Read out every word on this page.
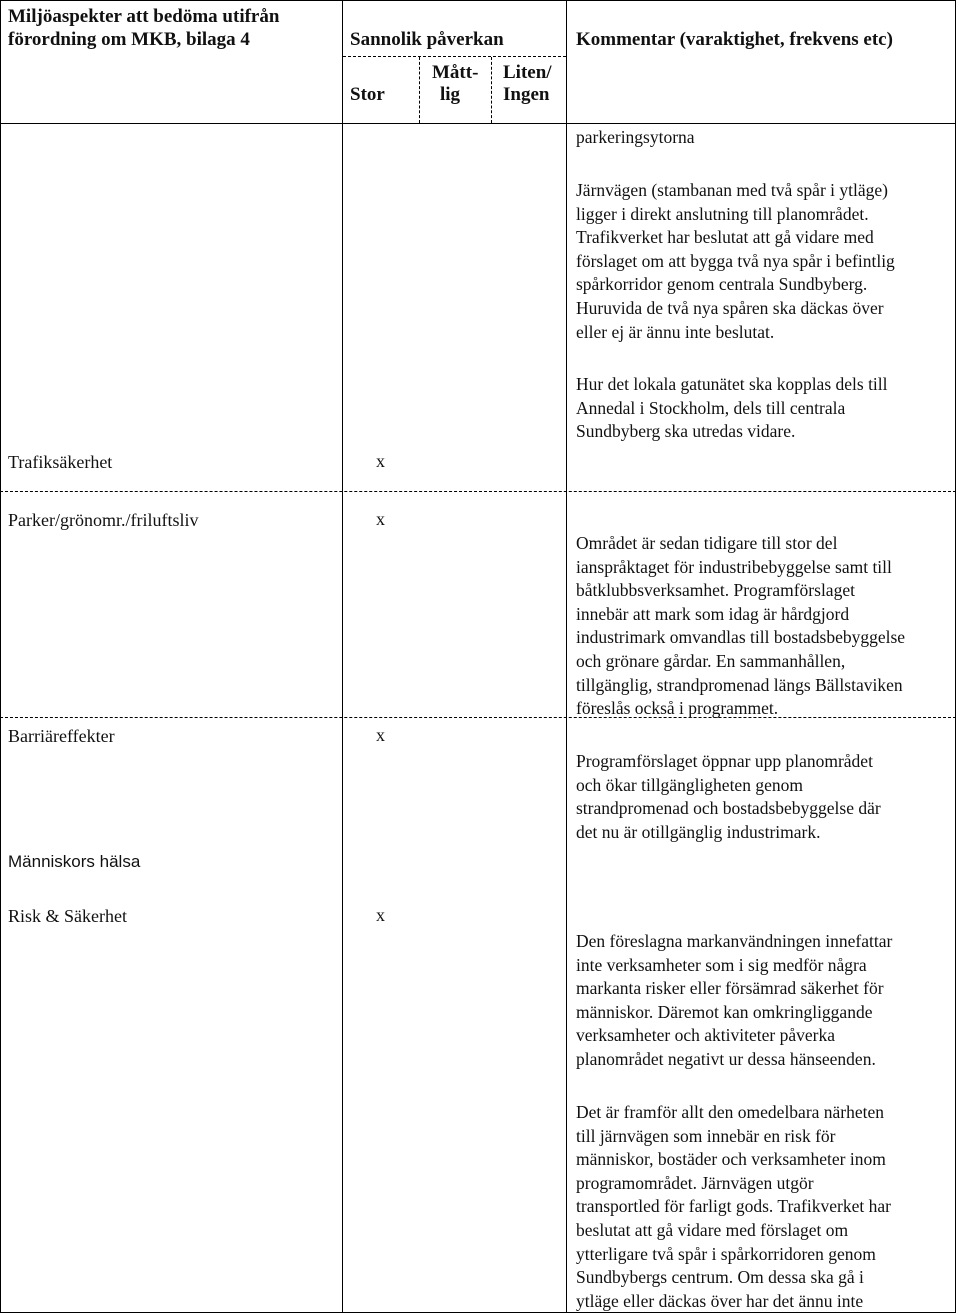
Miljöaspekter att bedöma utifrån
förordning om MKB, bilaga 4	Sannolik påverkan
Stor
Mått-
lig
Liten/
Ingen
Kommentar (varaktighet, frekvens etc)
parkeringsytorna
Järnvägen (stambanan med två spår i ytläge)
ligger i direkt anslutning till planområdet.
Trafikverket har beslutat att gå vidare med
förslaget om att bygga två nya spår i befintlig
spårkorridor genom centrala Sundbyberg.
Huruvida de två nya spåren ska däckas över
eller ej är ännu inte beslutat.
Hur det lokala gatunätet ska kopplas dels till
Annedal i Stockholm, dels till centrala
Sundbyberg ska utredas vidare.
Området är sedan tidigare till stor del
ianspråktaget för industribebyggelse samt till
båtklubbsverksamhet. Programförslaget
innebär att mark som idag är hårdgjord
industrimark omvandlas till bostadsbebyggelse
och grönare gårdar. En sammanhållen,
tillgänglig, strandpromenad längs Bällstaviken
föreslås också i programmet.
Programförslaget öppnar upp planområdet
och ökar tillgängligheten genom
strandpromenad och bostadsbebyggelse där
det nu är otillgänglig industrimark.
Den föreslagna markanvändningen innefattar
inte verksamheter som i sig medför några
markanta risker eller försämrad säkerhet för
människor. Däremot kan omkringliggande
verksamheter och aktiviteter påverka
planområdet negativt ur dessa hänseenden.
Det är framför allt den omedelbara närheten
till järnvägen som innebär en risk för
människor, bostäder och verksamheter inom
programområdet. Järnvägen utgör
transportled för farligt gods. Trafikverket har
beslutat att gå vidare med förslaget om
ytterligare två spår i spårkorridoren genom
Sundbybergs centrum. Om dessa ska gå i
ytläge eller däckas över har det ännu inte
Trafiksäkerhet
Parker/grönomr./friluftsliv
Barriäreffekter
Människors hälsa
Risk & Säkerhet
x
x
x
x
